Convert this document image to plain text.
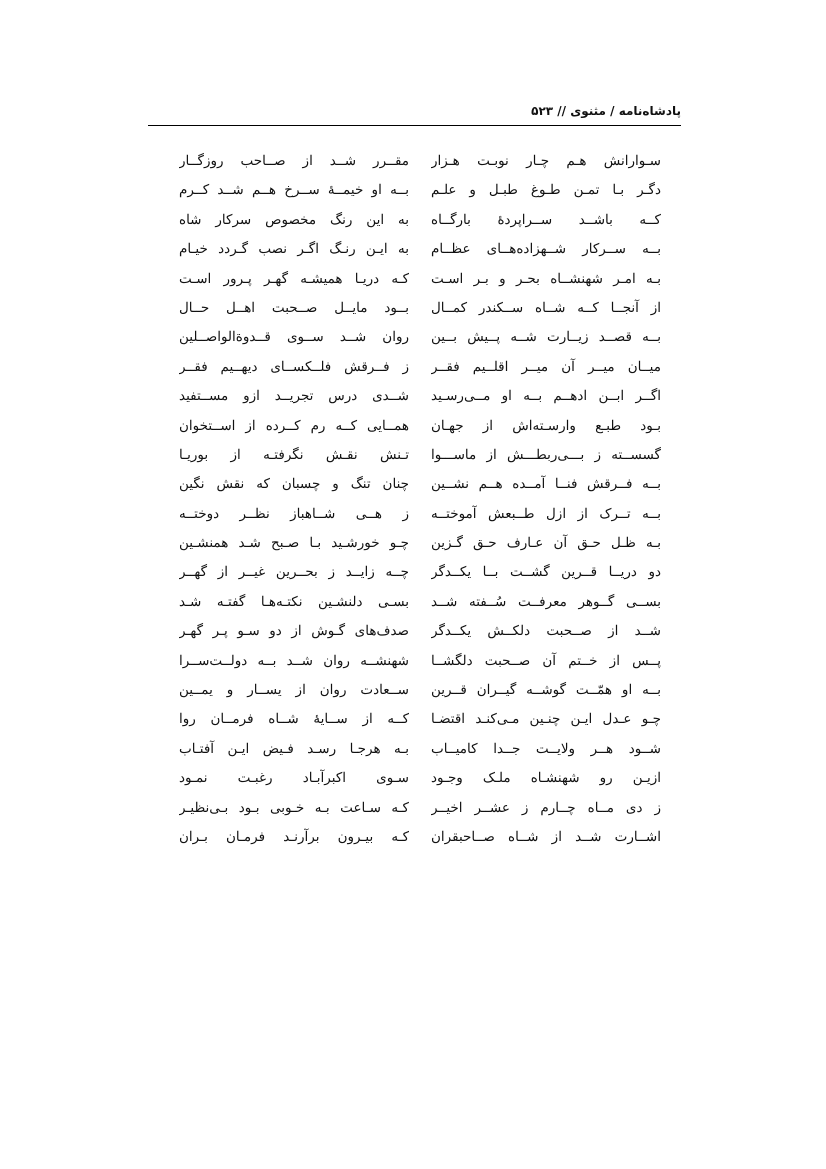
پادشاه‌نامه / مثنوی // ۵۲۳
سـوارانش هـم چـار نوبـت هـزار
دگـر بـا تمـن طـوغ طبـل و علـم
کــه باشــد ســراپردهٔ بارگــاه
بــه ســرکار شــهزاده‌هــای عظــام
بـه امـر شهنشــاه بحـر و بـر اسـت
از آنجــا کــه شــاه ســکندر کمــال
بــه قصــد زیــارت شــه پــیش بــین
میــان میــر آن میــر اقلــیم فقــر
اگــر ابــن ادهــم بــه او مــی‌رسـید
بـود طبـع وارسـته‌اش از جهـان
گسســته ز بـــی‌ربطـــش از ماســـوا
بــه فــرقش فنــا آمــده هــم نشــین
بــه تــرک از ازل طــبعش آموختــه
بـه ظـل حـق آن عـارف حـق گـزین
دو دریــا قــرین گشــت بــا یکــدگر
بســی گــوهر معرفــت سُــفته شــد
شــد از صــحبت دلکــش یکــدگر
پــس از خــتم آن صــحبت دلگشــا
بــه او همّــت گوشــه گیــران قــرین
چـو عـدل ایـن چنـین مـی‌کنـد اقتضـا
شــود هــر ولایــت جــدا کامیــاب
ازیـن رو شهنشـاه ملـک وجـود
ز دی مــاه چــارم ز عشــر اخیــر
اشــارت شــد از شــاه صــاحبقران
مقــرر شــد از صــاحب روزگــار
بــه او خیمــهٔ ســرخ هــم شــد کــرم
به این رنگ مخصوص سرکار شاه
به ایـن رنـگ اگـر نصب گـردد خیـام
کـه دریـا همیشـه گهـر پـرور اسـت
بــود مایــل صــحبت اهــل حــال
روان شــد ســوی قــدوةالواصــلین
ز فــرقش فلــکســای دیهــیم فقــر
شــدی درس تجریــد ازو مســتفید
همــایی کــه رم کــرده از اســتخوان
تـنش نقـش نگرفتـه از بوریـا
چنان تنگ و چسبان که نقش نگین
ز هــی شــاهباز نظــر دوختــه
چـو خورشـید بـا صـبح شـد همنشـین
چــه زایــد ز بحــرین غیــر از گهــر
بسـی دلنشـین نکتـه‌هـا گفتـه شـد
صدف‌های گـوش از دو سـو پـر گهـر
شهنشــه روان شــد بــه دولــت‌ســرا
ســعادت روان از یســار و یمــین
کــه از ســایهٔ شــاه فرمــان روا
بـه هرجـا رسـد فـیض ایـن آفتـاب
سـوی اکبرآبـاد رغبـت نمـود
کـه سـاعت بـه خـوبی بـود بـی‌نظیـر
کـه بیـرون برآرنـد فرمـان بـران
